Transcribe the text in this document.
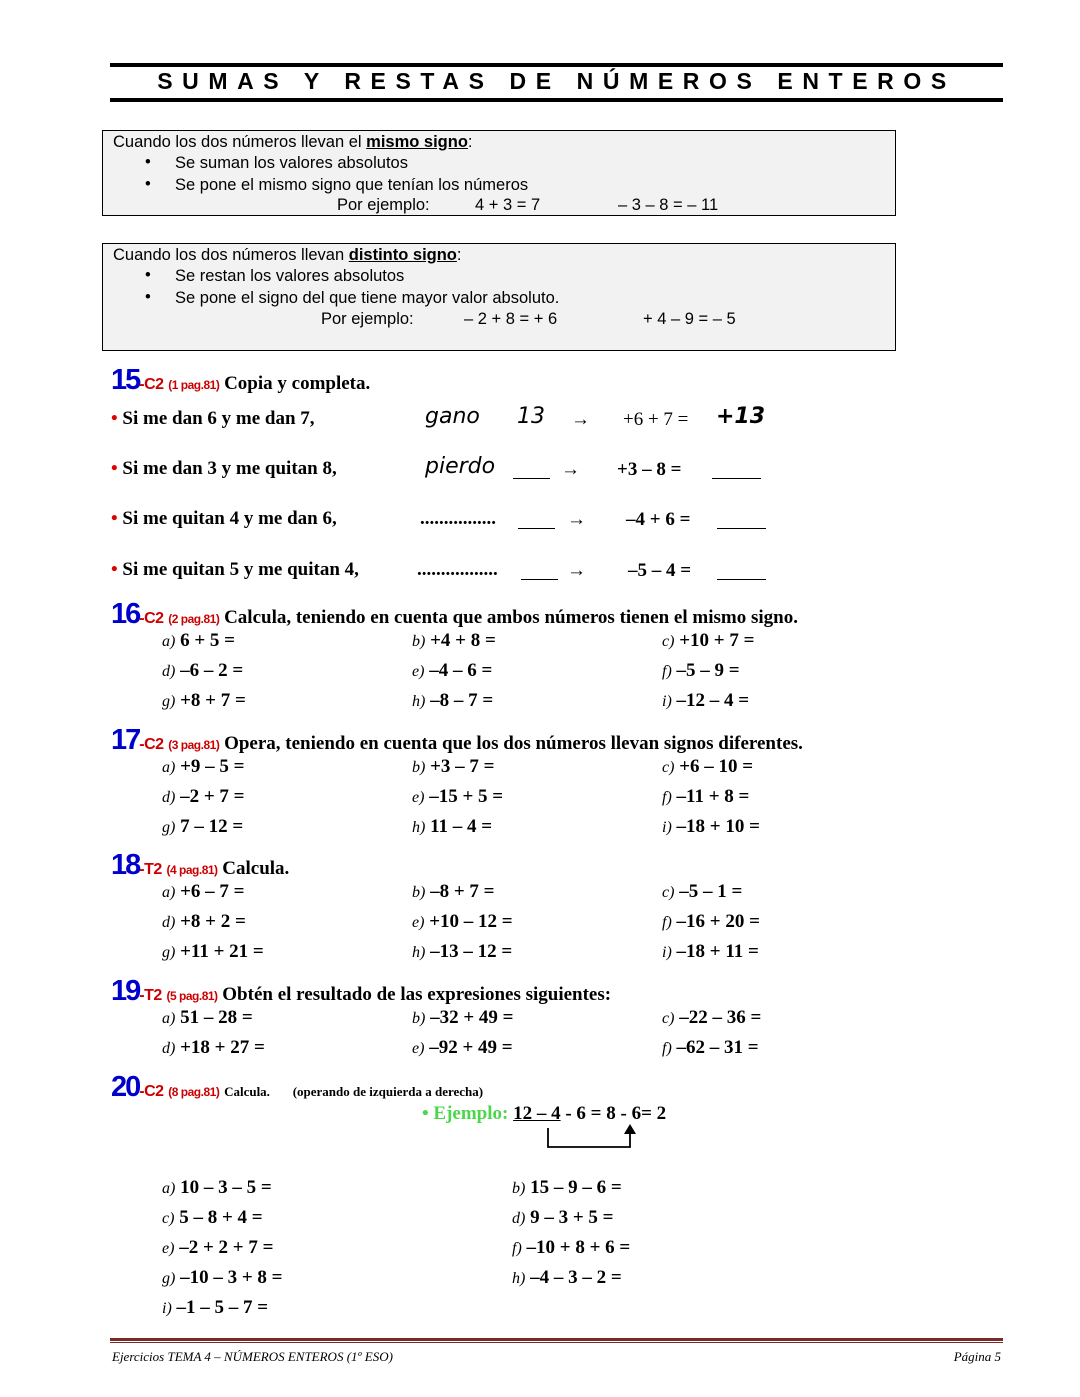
SUMAS Y RESTAS DE NÚMEROS ENTEROS
Cuando los dos números llevan el mismo signo:
• Se suman los valores absolutos
• Se pone el mismo signo que tenían los números
Por ejemplo:	4 + 3 = 7	– 3 – 8 = – 11
Cuando los dos números llevan distinto signo:
• Se restan los valores absolutos
• Se pone el signo del que tiene mayor valor absoluto.
Por ejemplo:	– 2 + 8 = + 6	+ 4 – 9 = – 5
15-C2 (1 pag.81) Copia y completa.
• Si me dan 6 y me dan 7,	gano 13 → +6 + 7 = +13
• Si me dan 3 y me quitan 8,	pierdo	→ +3 – 8 =
• Si me quitan 4 y me dan 6,	................	→ –4 + 6 =
• Si me quitan 5 y me quitan 4,	.................	→ –5 – 4 =
16-C2 (2 pag.81) Calcula, teniendo en cuenta que ambos números tienen el mismo signo.
a) 6 + 5 =	b) +4 + 8 =	c) +10 + 7 =
d) –6 – 2 =	e) –4 – 6 =	f) –5 – 9 =
g) +8 + 7 =	h) –8 – 7 =	i) –12 – 4 =
17-C2 (3 pag.81) Opera, teniendo en cuenta que los dos números llevan signos diferentes.
a) +9 – 5 =	b) +3 – 7 =	c) +6 – 10 =
d) –2 + 7 =	e) –15 + 5 =	f) –11 + 8 =
g) 7 – 12 =	h) 11 – 4 =	i) –18 + 10 =
18-T2 (4 pag.81) Calcula.
a) +6 – 7 =	b) –8 + 7 =	c) –5 – 1 =
d) +8 + 2 =	e) +10 – 12 =	f) –16 + 20 =
g) +11 + 21 =	h) –13 – 12 =	i) –18 + 11 =
19-T2 (5 pag.81) Obtén el resultado de las expresiones siguientes:
a) 51 – 28 =	b) –32 + 49 =	c) –22 – 36 =
d) +18 + 27 =	e) –92 + 49 =	f) –62 – 31 =
20-C2 (8 pag.81) Calcula. (operando de izquierda a derecha)
• Ejemplo: 12 – 4 - 6 = 8 - 6= 2
a) 10 – 3 – 5 =	b) 15 – 9 – 6 =
c) 5 – 8 + 4 =	d) 9 – 3 + 5 =
e) –2 + 2 + 7 =	f) –10 + 8 + 6 =
g) –10 – 3 + 8 =	h) –4 – 3 – 2 =
i) –1 – 5 – 7 =
Ejercicios TEMA 4 – NÚMEROS ENTEROS (1º ESO)	Página 5
